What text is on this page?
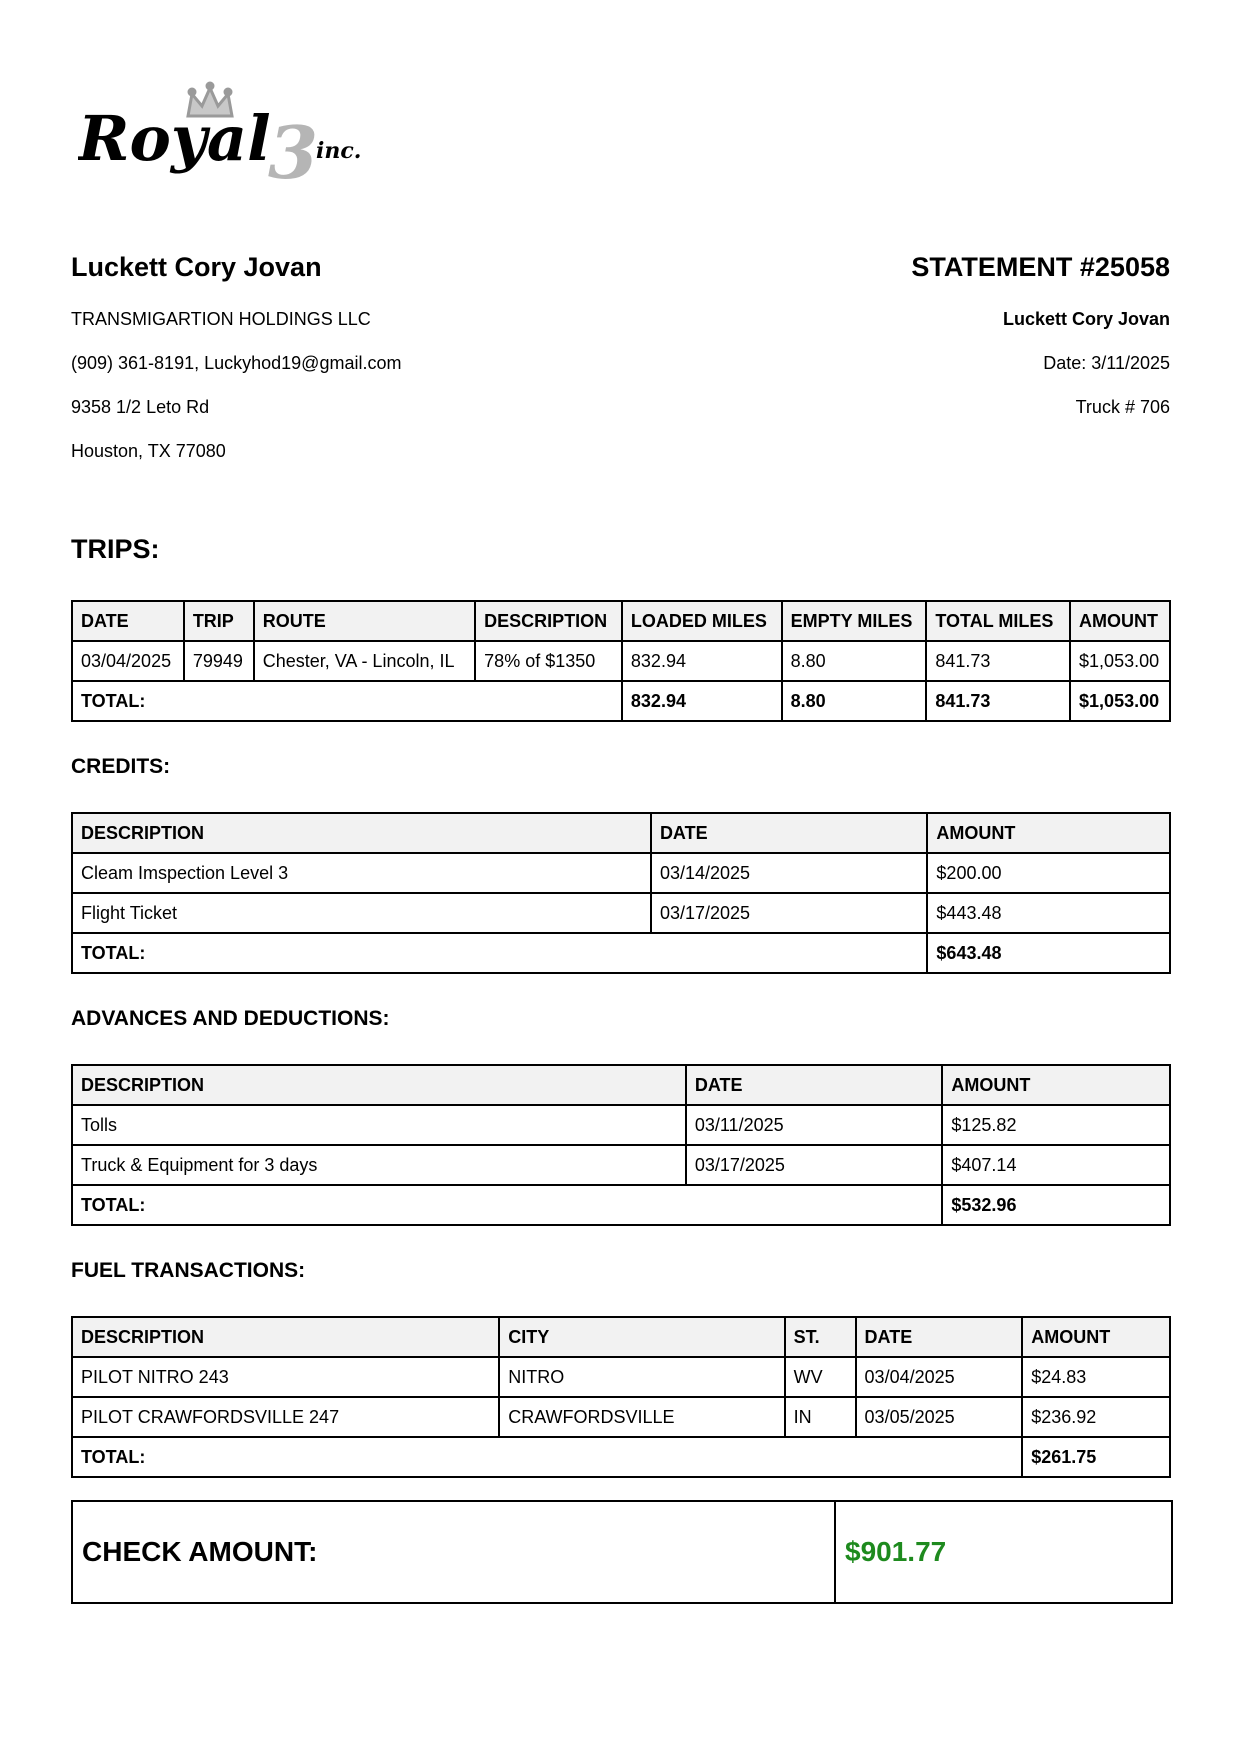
Royal
3
inc.
Luckett Cory Jovan

TRANSMIGARTION HOLDINGS LLC

(909) 361-8191, Luckyhod19@gmail.com

9358 1/2 Leto Rd

Houston, TX 77080

STATEMENT #25058

Luckett Cory Jovan

Date: 3/11/2025

Truck # 706

TRIPS:
DATE	TRIP	ROUTE	DESCRIPTION	LOADED MILES	EMPTY MILES	TOTAL MILES	AMOUNT
03/04/2025	79949	Chester, VA - Lincoln, IL	78% of $1350	832.94	8.80	841.73	$1,053.00
TOTAL:				832.94	8.80	841.73	$1,053.00
CREDITS:
DESCRIPTION	DATE	AMOUNT
Cleam Imspection Level 3	03/14/2025	$200.00
Flight Ticket	03/17/2025	$443.48
TOTAL:		$643.48
ADVANCES AND DEDUCTIONS:
DESCRIPTION	DATE	AMOUNT
Tolls	03/11/2025	$125.82
Truck & Equipment for 3 days	03/17/2025	$407.14
TOTAL:		$532.96
FUEL TRANSACTIONS:
DESCRIPTION	CITY	ST.	DATE	AMOUNT
PILOT NITRO 243	NITRO	WV	03/04/2025	$24.83
PILOT CRAWFORDSVILLE 247	CRAWFORDSVILLE	IN	03/05/2025	$236.92
TOTAL:				$261.75
CHECK AMOUNT:	$901.77
